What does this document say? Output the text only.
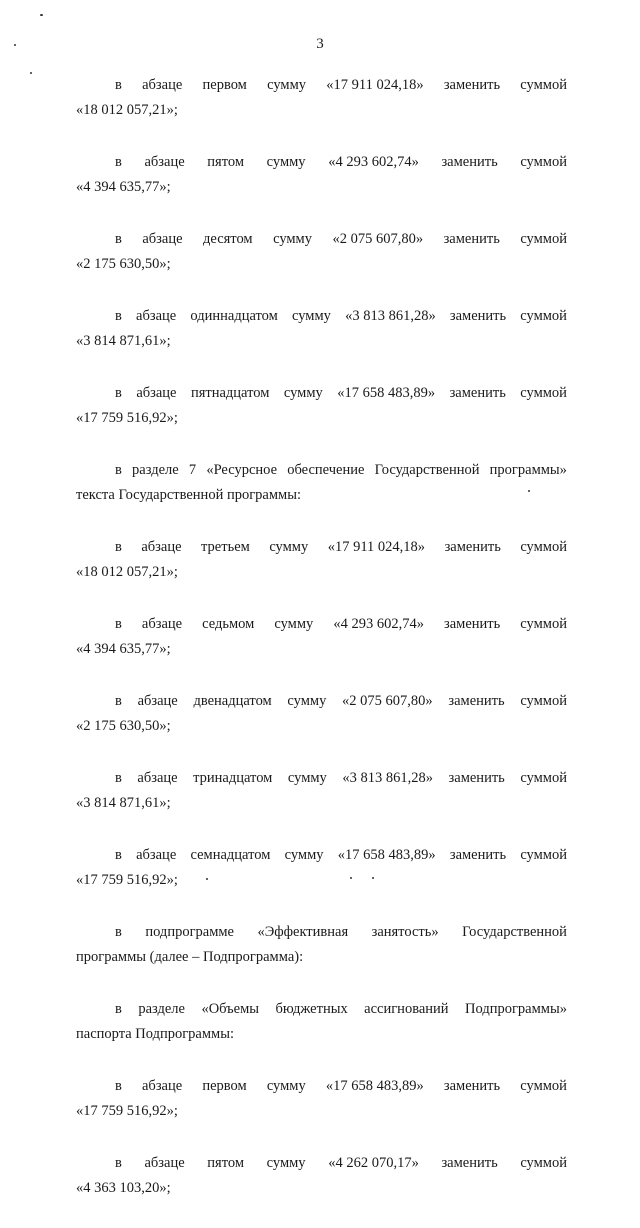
3
в абзаце первом сумму «17 911 024,18» заменить суммой
«18 012 057,21»;
в абзаце пятом сумму «4 293 602,74» заменить суммой
«4 394 635,77»;
в абзаце десятом сумму «2 075 607,80» заменить суммой
«2 175 630,50»;
в абзаце одиннадцатом сумму «3 813 861,28» заменить суммой
«3 814 871,61»;
в абзаце пятнадцатом сумму «17 658 483,89» заменить суммой
«17 759 516,92»;
в разделе 7 «Ресурсное обеспечение Государственной программы»
текста Государственной программы:
в абзаце третьем сумму «17 911 024,18» заменить суммой
«18 012 057,21»;
в абзаце седьмом сумму «4 293 602,74» заменить суммой
«4 394 635,77»;
в абзаце двенадцатом сумму «2 075 607,80» заменить суммой
«2 175 630,50»;
в абзаце тринадцатом сумму «3 813 861,28» заменить суммой
«3 814 871,61»;
в абзаце семнадцатом сумму «17 658 483,89» заменить суммой
«17 759 516,92»;
в подпрограмме «Эффективная занятость» Государственной
программы (далее – Подпрограмма):
в разделе «Объемы бюджетных ассигнований Подпрограммы»
паспорта Подпрограммы:
в абзаце первом сумму «17 658 483,89» заменить суммой
«17 759 516,92»;
в абзаце пятом сумму «4 262 070,17» заменить суммой
«4 363 103,20»;
